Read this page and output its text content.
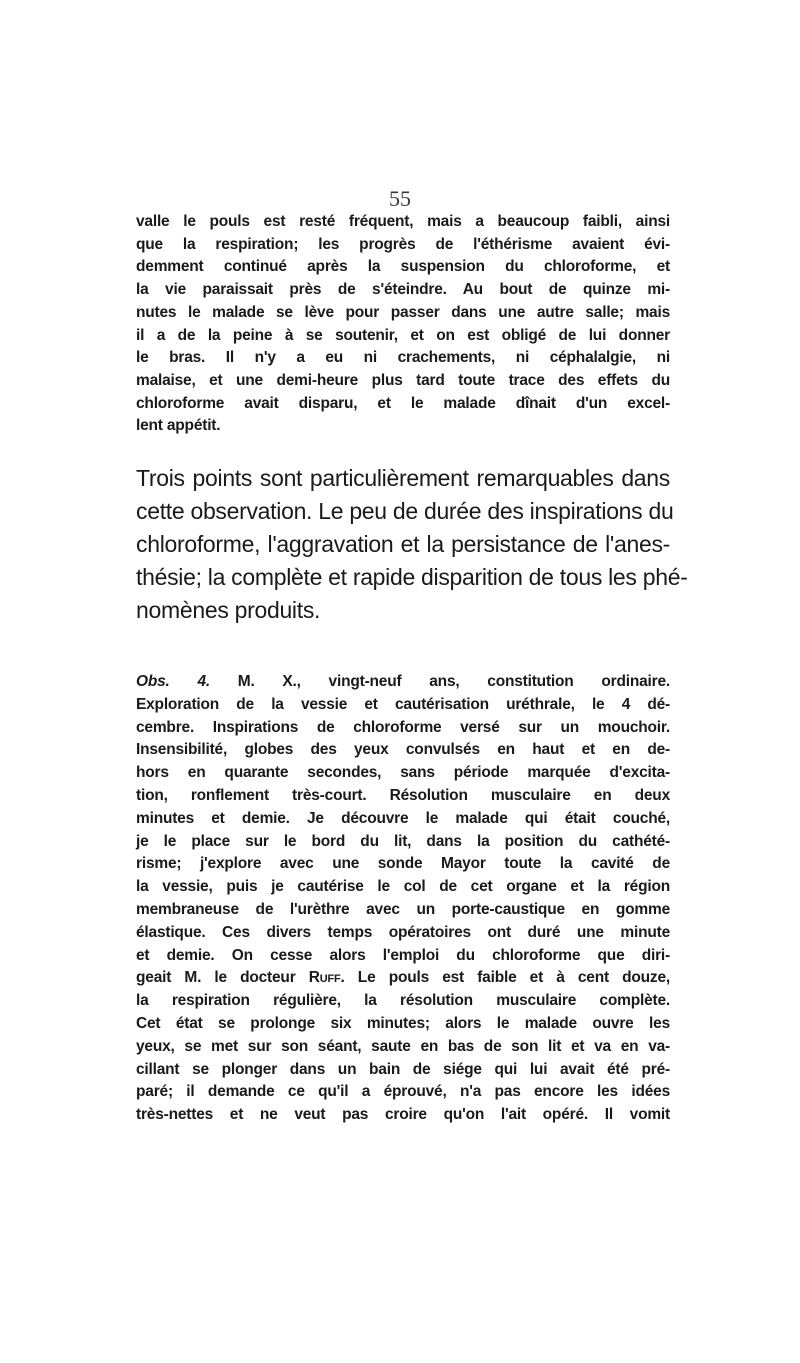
55
valle le pouls est resté fréquent, mais a beaucoup faibli, ainsi
que la respiration; les progrès de l'éthérisme avaient évi-
demment continué après la suspension du chloroforme, et
la vie paraissait près de s'éteindre. Au bout de quinze mi-
nutes le malade se lève pour passer dans une autre salle; mais
il a de la peine à se soutenir, et on est obligé de lui donner
le bras. Il n'y a eu ni crachements, ni céphalalgie, ni
malaise, et une demi-heure plus tard toute trace des effets du
chloroforme avait disparu, et le malade dînait d'un excel-
lent appétit.
Trois points sont particulièrement remarquables dans
cette observation. Le peu de durée des inspirations du
chloroforme, l'aggravation et la persistance de l'anes-
thésie; la complète et rapide disparition de tous les phé-
nomènes produits.
Obs. 4. M. X., vingt-neuf ans, constitution ordinaire.
Exploration de la vessie et cautérisation uréthrale, le 4 dé-
cembre. Inspirations de chloroforme versé sur un mouchoir.
Insensibilité, globes des yeux convulsés en haut et en de-
hors en quarante secondes, sans période marquée d'excita-
tion, ronflement très-court. Résolution musculaire en deux
minutes et demie. Je découvre le malade qui était couché,
je le place sur le bord du lit, dans la position du cathété-
risme; j'explore avec une sonde Mayor toute la cavité de
la vessie, puis je cautérise le col de cet organe et la région
membraneuse de l'urèthre avec un porte-caustique en gomme
élastique. Ces divers temps opératoires ont duré une minute
et demie. On cesse alors l'emploi du chloroforme que diri-
geait M. le docteur Ruff. Le pouls est faible et à cent douze,
la respiration régulière, la résolution musculaire complète.
Cet état se prolonge six minutes; alors le malade ouvre les
yeux, se met sur son séant, saute en bas de son lit et va en va-
cillant se plonger dans un bain de siége qui lui avait été pré-
paré; il demande ce qu'il a éprouvé, n'a pas encore les idées
très-nettes et ne veut pas croire qu'on l'ait opéré. Il vomit
